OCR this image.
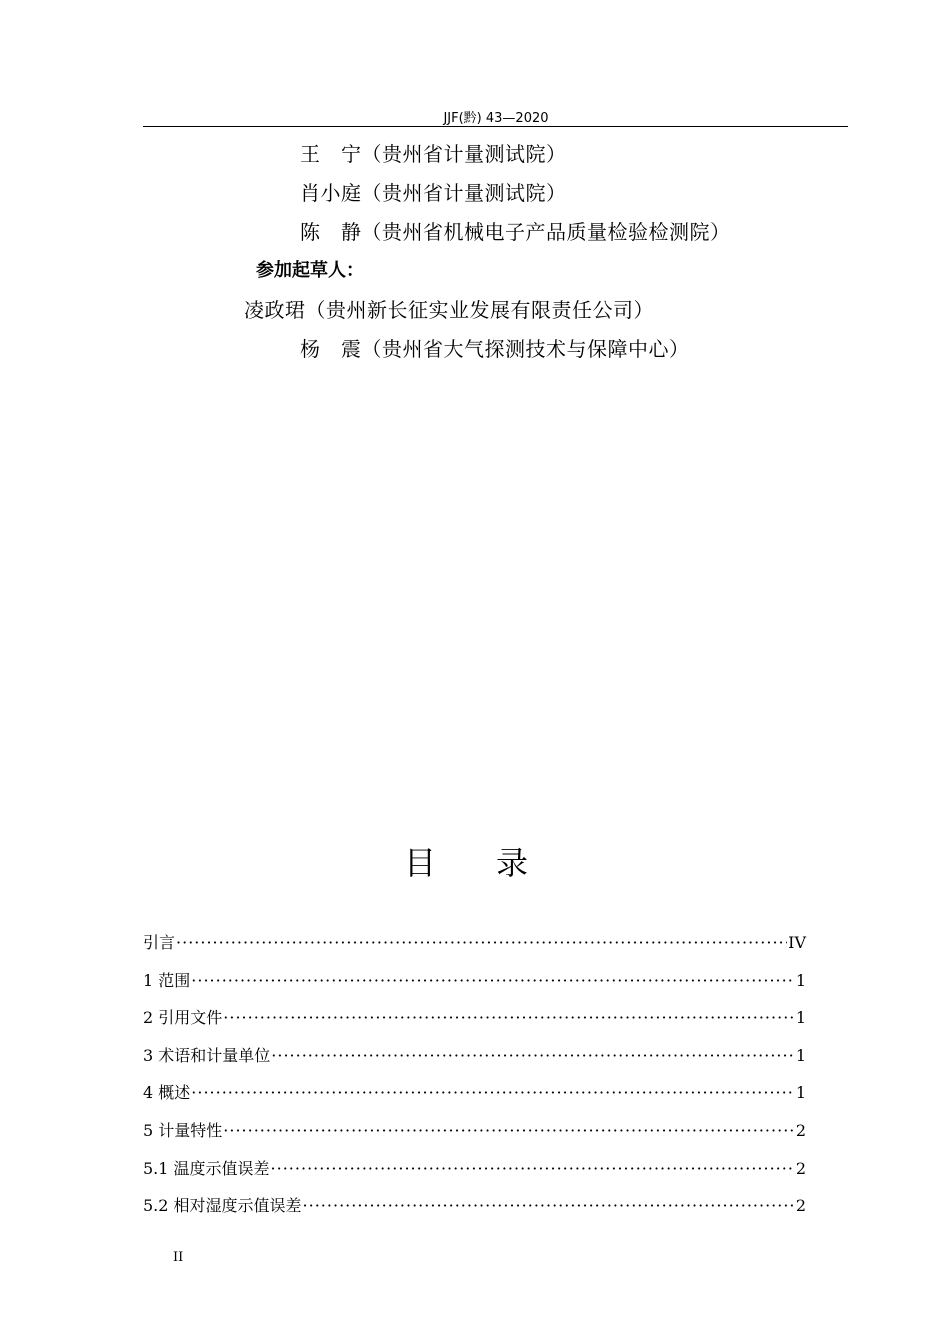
JJF(黔) 43—2020
王　宁（贵州省计量测试院）
肖小庭（贵州省计量测试院）
陈　静（贵州省机械电子产品质量检验检测院）
参加起草人：
凌政珺（贵州新长征实业发展有限责任公司）
杨　震（贵州省大气探测技术与保障中心）
目录
引言 ·····	IV
1 范围 ·····	1
2 引用文件 ·····	1
3 术语和计量单位 ·····	1
4 概述 ·····	1
5 计量特性 ·····	2
5.1 温度示值误差 ·····	2
5.2 相对湿度示值误差 ·····	2
II
